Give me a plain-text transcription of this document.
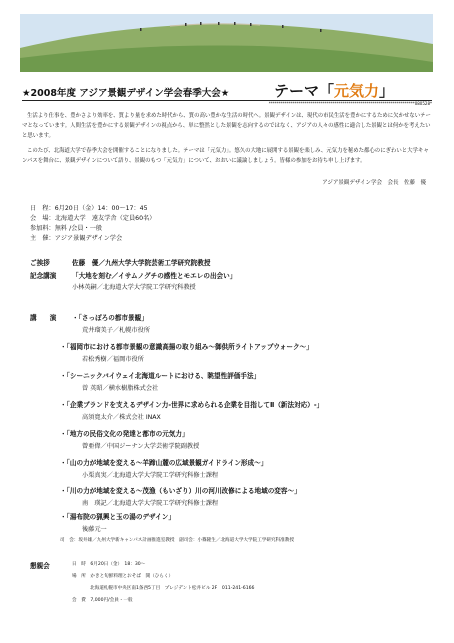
★2008年度 アジア景観デザイン学会春季大会★	テーマ「元気力」
*************************************************************************080528*

生活より仕事を、豊かさより効率を、質より量を求めた時代から、質の高い豊かな生活の時代へ。景観デザインは、現代の市民生活を豊かにするために欠かせないテーマとなっています。人間生活を豊かにする景観デザインの視点から、単に整然とした景観を志向するのではなく、アジアの人々の感性に適合した景観とは何かを考えたいと思います。

このたび、北海道大学で春季大会を開催することになりました。テーマは「元気力」。悠久の大地に展開する景観を楽しみ、元気力を秘めた都心のにぎわいと大学キャンパスを舞台に、景観デザインについて語り、景観のもつ「元気力」について、おおいに議論しましょう。皆様の参加をお待ち申し上げます。

アジア景観デザイン学会　会長　佐藤　優
日　程：6月20日（金）14：00〜17：45
会　場：北海道大学　遠友学舎（定員60名）
参加料：無料 /会員・一般
主　催：アジア景観デザイン学会
ご挨拶	佐藤　優／九州大学大学院芸術工学研究院教授
記念講演 「大地を刻む／イサムノグチの感性とモエレの出会い」
小林英嗣／北海道大学大学院工学研究科教授
講　　演 ・「さっぽろの都市景観」
荒井瑠美子／札幌市役所
・「福岡市における都市景観の意識高揚の取り組み〜御供所ライトアップウォーク〜」
若松秀樹／福岡市役所
・「シーニックバイウェイ北海道ルートにおける、眺望性評価手法」
曽 英昭／横水樹脂株式会社
・「企業ブランドを支えるデザイン力-世界に求められる企業を目指してⅡ（新法対応）-」
高須寛太介／株式会社 INAX
・「地方の民俗文化の発達と都市の元気力」
曾亜偉／中国ジーナン大学芸術学院副教授
・「山の力が地域を変える〜羊蹄山麓の広域景観ガイドライン形成〜」
小栗真実／北海道大学大学院工学研究科修士課程
・「川の力が地域を変える〜茂漁（もいざり）川の河川改修による地域の変容〜」
南　瑛記／北海道大学大学院工学研究科修士課程
・「湯布院の猟興と玉の湯のデザイン」
後藤元一
司　会：坂井雄／九州大学新キャンパス計画推進室教授　副司会：小篠隆生／北海道大学大学院工学研究科准教授
懇親会	日　時　6月20日（金）　18：30〜
場　所　かきと旬鮮料理とおそば　開（ひらく）
北海道札幌市中央区南1条西5丁目　プレジデント松井ビル 2F　011-241-6166
会　費　7,000円/会員・一般
